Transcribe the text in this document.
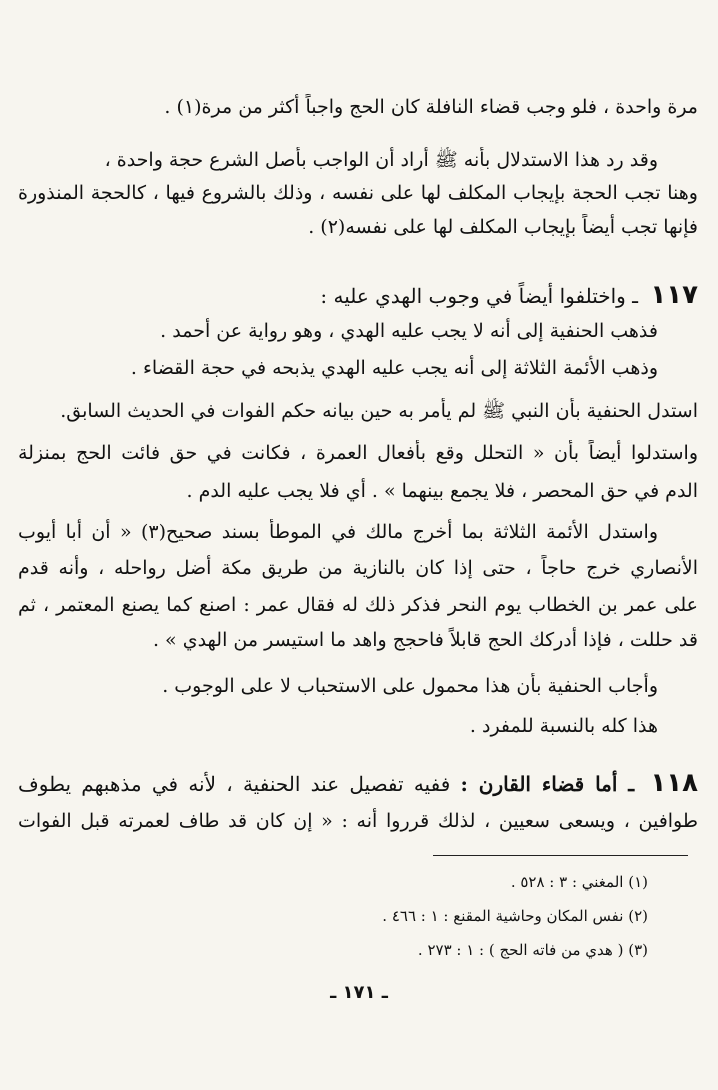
مرة واحدة ، فلو وجب قضاء النافلة كان الحج واجباً أكثر من مرة(١) .
وقد رد هذا الاستدلال بأنه ﷺ أراد أن الواجب بأصل الشرع حجة واحدة ،
وهنا تجب الحجة بإيجاب المكلف لها على نفسه ، وذلك بالشروع فيها ، كالحجة المنذورة
فإنها تجب أيضاً بإيجاب المكلف لها على نفسه(٢) .
١١٧ ـ واختلفوا أيضاً في وجوب الهدي عليه :
فذهب الحنفية إلى أنه لا يجب عليه الهدي ، وهو رواية عن أحمد .
وذهب الأئمة الثلاثة إلى أنه يجب عليه الهدي يذبحه في حجة القضاء .
استدل الحنفية بأن النبي ﷺ لم يأمر به حين بيانه حكم الفوات في الحديث السابق.
واستدلوا أيضاً بأن « التحلل وقع بأفعال العمرة ، فكانت في حق فائت الحج بمنزلة
الدم في حق المحصر ، فلا يجمع بينهما » . أي فلا يجب عليه الدم .
واستدل الأئمة الثلاثة بما أخرج مالك في الموطأ بسند صحيح(٣) « أن أبا أيوب
الأنصاري خرج حاجاً ، حتى إذا كان بالنازية من طريق مكة أضل رواحله ، وأنه قدم
على عمر بن الخطاب يوم النحر فذكر ذلك له فقال عمر : اصنع كما يصنع المعتمر ، ثم
قد حللت ، فإذا أدركك الحج قابلاً فاحجج واهد ما استيسر من الهدي » .
وأجاب الحنفية بأن هذا محمول على الاستحباب لا على الوجوب .
هذا كله بالنسبة للمفرد .
١١٨ ـ أما قضاء القارن : ففيه تفصيل عند الحنفية ، لأنه في مذهبهم يطوف
طوافين ، ويسعى سعيين ، لذلك قرروا أنه : « إن كان قد طاف لعمرته قبل الفوات
(١) المغني : ٣ : ٥٢٨ .
(٢) نفس المكان وحاشية المقنع : ١ : ٤٦٦ .
(٣) ( هدي من فاته الحج ) : ١ : ٢٧٣ .
ـ ١٧١ ـ
